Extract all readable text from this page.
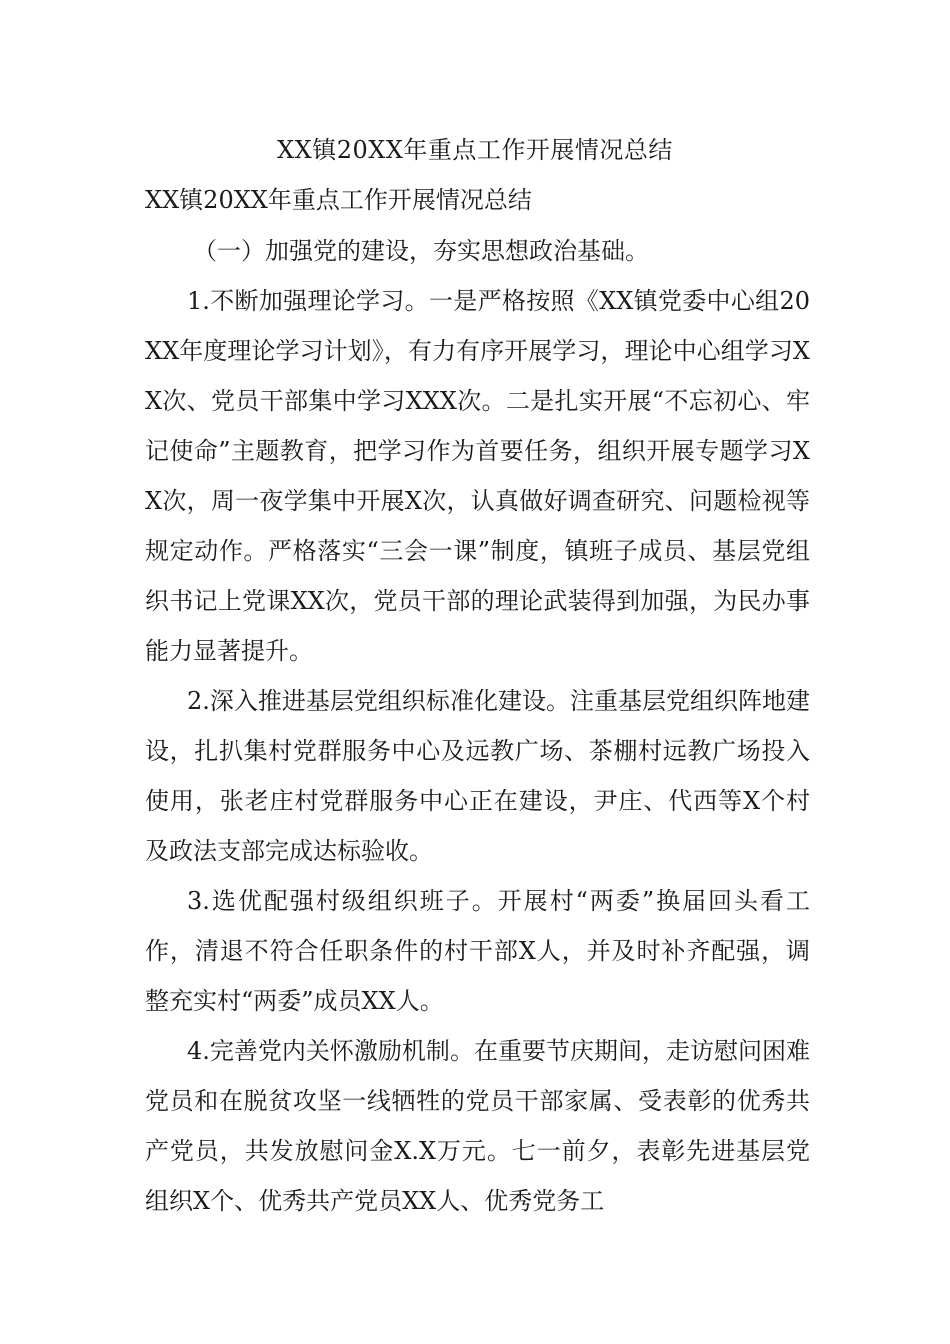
XX镇20XX年重点工作开展情况总结
XX镇20XX年重点工作开展情况总结

（一）加强党的建设，夯实思想政治基础。

1.不断加强理论学习。一是严格按照《XX镇党委中心组20XX年度理论学习计划》，有力有序开展学习，理论中心组学习XX次、党员干部集中学习XXX次。二是扎实开展“不忘初心、牢记使命”主题教育，把学习作为首要任务，组织开展专题学习XX次，周一夜学集中开展X次，认真做好调查研究、问题检视等规定动作。严格落实“三会一课”制度，镇班子成员、基层党组织书记上党课XX次，党员干部的理论武装得到加强，为民办事能力显著提升。

2.深入推进基层党组织标准化建设。注重基层党组织阵地建设，扎扒集村党群服务中心及远教广场、茶棚村远教广场投入使用，张老庄村党群服务中心正在建设，尹庄、代西等X个村及政法支部完成达标验收。

3.选优配强村级组织班子。开展村“两委”换届回头看工作，清退不符合任职条件的村干部X人，并及时补齐配强，调整充实村“两委”成员XX人。

4.完善党内关怀激励机制。在重要节庆期间，走访慰问困难党员和在脱贫攻坚一线牺牲的党员干部家属、受表彰的优秀共产党员，共发放慰问金X.X万元。七一前夕，表彰先进基层党组织X个、优秀共产党员XX人、优秀党务工
